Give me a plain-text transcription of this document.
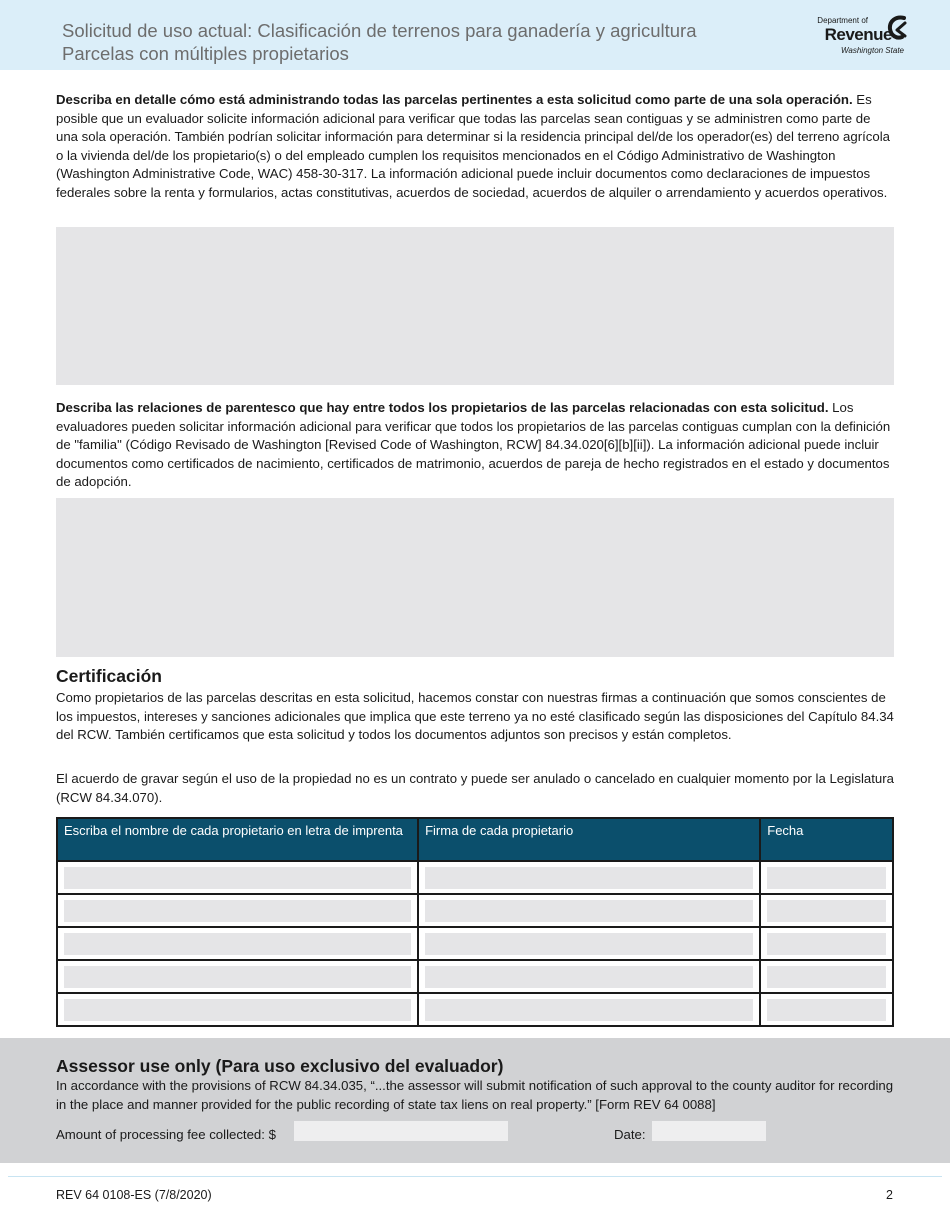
Solicitud de uso actual: Clasificación de terrenos para ganadería y agricultura
Parcelas con múltiples propietarios
Department of
Revenue
Washington State
Describa en detalle cómo está administrando todas las parcelas pertinentes a esta solicitud como parte de una sola operación. Es posible que un evaluador solicite información adicional para verificar que todas las parcelas sean contiguas y se administren como parte de una sola operación. También podrían solicitar información para determinar si la residencia principal del/de los operador(es) del terreno agrícola o la vivienda del/de los propietario(s) o del empleado cumplen los requisitos mencionados en el Código Administrativo de Washington (Washington Administrative Code, WAC) 458-30-317. La información adicional puede incluir documentos como declaraciones de impuestos federales sobre la renta y formularios, actas constitutivas, acuerdos de sociedad, acuerdos de alquiler o arrendamiento y acuerdos operativos.
Describa las relaciones de parentesco que hay entre todos los propietarios de las parcelas relacionadas con esta solicitud. Los evaluadores pueden solicitar información adicional para verificar que todos los propietarios de las parcelas contiguas cumplan con la definición de "familia" (Código Revisado de Washington [Revised Code of Washington, RCW] 84.34.020[6][b][ii]). La información adicional puede incluir documentos como certificados de nacimiento, certificados de matrimonio, acuerdos de pareja de hecho registrados en el estado y documentos de adopción.
Certificación
Como propietarios de las parcelas descritas en esta solicitud, hacemos constar con nuestras firmas a continuación que somos conscientes de los impuestos, intereses y sanciones adicionales que implica que este terreno ya no esté clasificado según las disposiciones del Capítulo 84.34 del RCW. También certificamos que esta solicitud y todos los documentos adjuntos son precisos y están completos.
El acuerdo de gravar según el uso de la propiedad no es un contrato y puede ser anulado o cancelado en cualquier momento por la Legislatura (RCW 84.34.070).
Escriba el nombre de cada propietario en letra de imprenta	Firma de cada propietario	Fecha

Assessor use only (Para uso exclusivo del evaluador)
In accordance with the provisions of RCW 84.34.035, “...the assessor will submit notification of such approval to the county auditor for recording in the place and manner provided for the public recording of state tax liens on real property.” [Form REV 64 0088]
Amount of processing fee collected: $	Date:
REV 64 0108-ES (7/8/2020)	2
